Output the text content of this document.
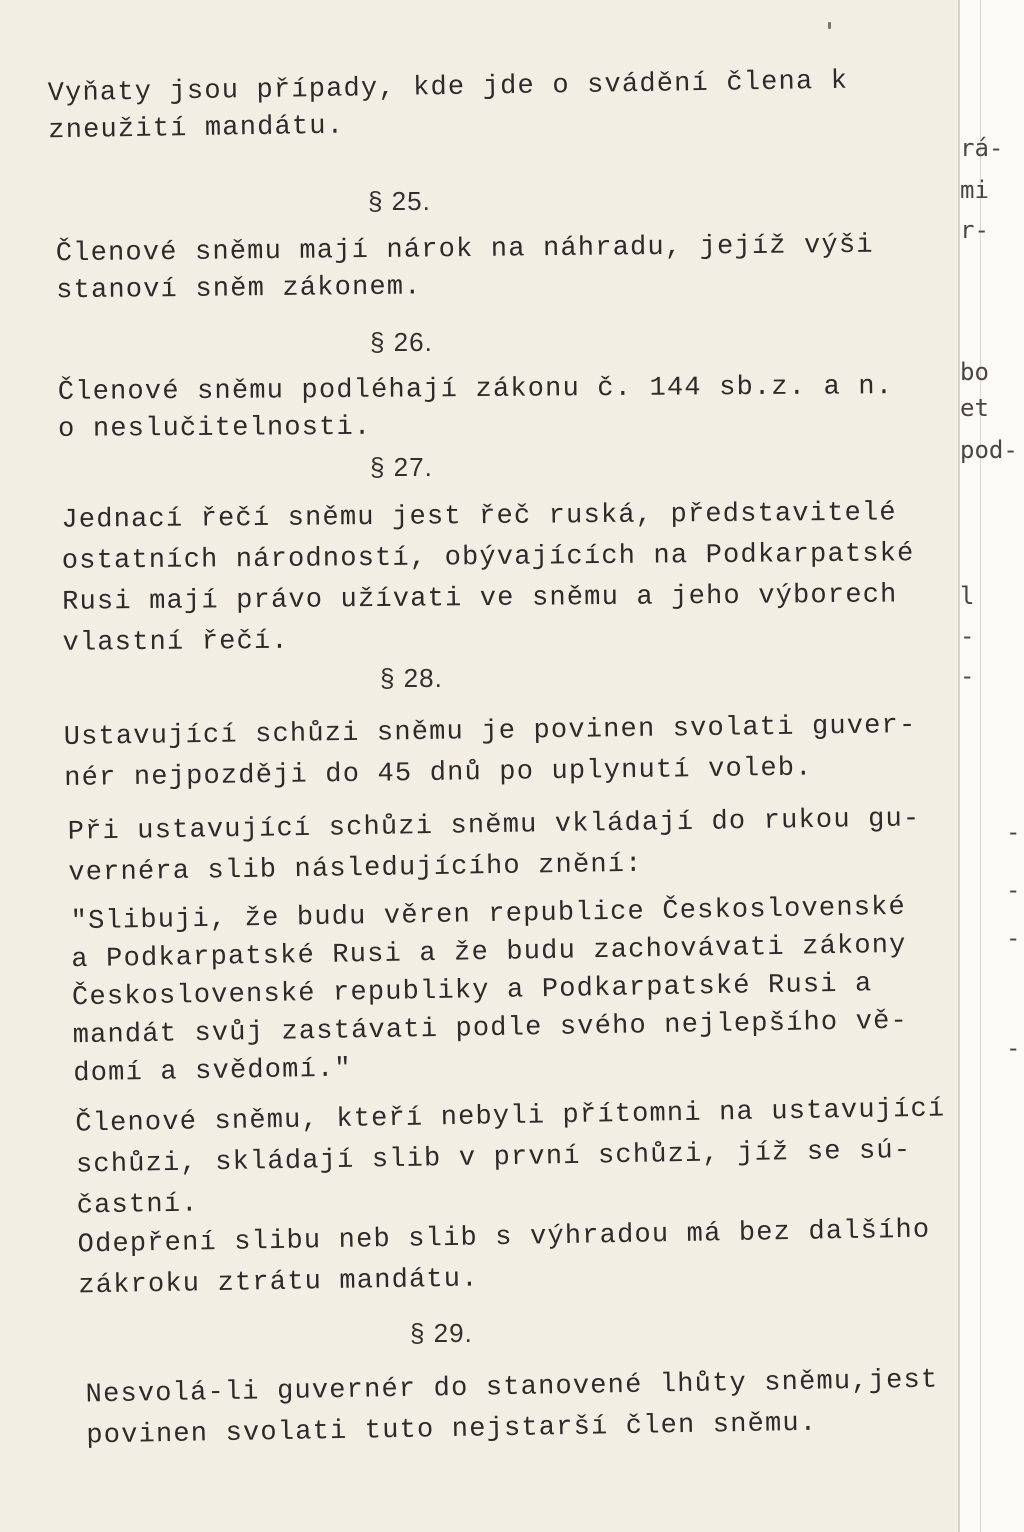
Vyňaty jsou případy, kde jde o svádění člena k
zneužití mandátu.

§ 25.

Členové sněmu mají nárok na náhradu, jejíž výši
stanoví sněm zákonem.

§ 26.

Členové sněmu podléhají zákonu č. 144 sb.z. a n.
o neslučitelnosti.

§ 27.

Jednací řečí sněmu jest řeč ruská, představitelé
ostatních národností, obývajících na Podkarpatské
Rusi mají právo užívati ve sněmu a jeho výborech
vlastní řečí.

§ 28.

Ustavující schůzi sněmu je povinen svolati guver-
nér nejpozději do 45 dnů po uplynutí voleb.

Při ustavující schůzi sněmu vkládají do rukou gu-
vernéra slib následujícího znění:

"Slibuji, že budu věren republice Československé
a Podkarpatské Rusi a že budu zachovávati zákony
Československé republiky a Podkarpatské Rusi a
mandát svůj zastávati podle svého nejlepšího vě-
domí a svědomí."

Členové sněmu, kteří nebyli přítomni na ustavující
schůzi, skládají slib v první schůzi, jíž se sú-
častní.

Odepření slibu neb slib s výhradou má bez dalšího
zákroku ztrátu mandátu.

§ 29.

Nesvolá-li guvernér do stanovené lhůty sněmu,jest
povinen svolati tuto nejstarší člen sněmu.

rá-
mi
r-
bo
et
pod-
l
-
-
-
-
-
-
